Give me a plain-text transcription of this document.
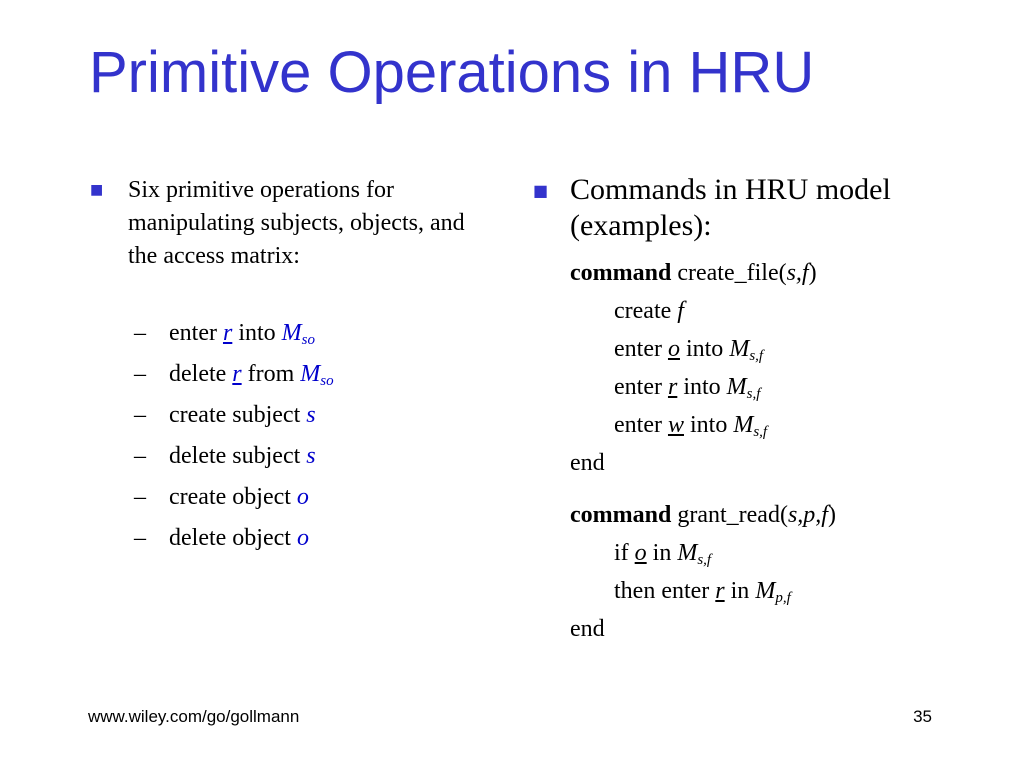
Primitive Operations in HRU
■	Six primitive operations for manipulating subjects, objects, and the access matrix:
– enter r into $M_{so}$
– delete r from $M_{so}$
– create subject s
– delete subject s
– create object o
– delete object o
■ Commands in HRU model (examples):
command create_file(s,f)
create f
enter o into $M_{s,f}$
enter r into $M_{s,f}$
enter w into $M_{s,f}$
end
command grant_read(s,p,f)
if o in $M_{s,f}$
then enter r in $M_{p,f}$
end
www.wiley.com/go/gollmann	35
